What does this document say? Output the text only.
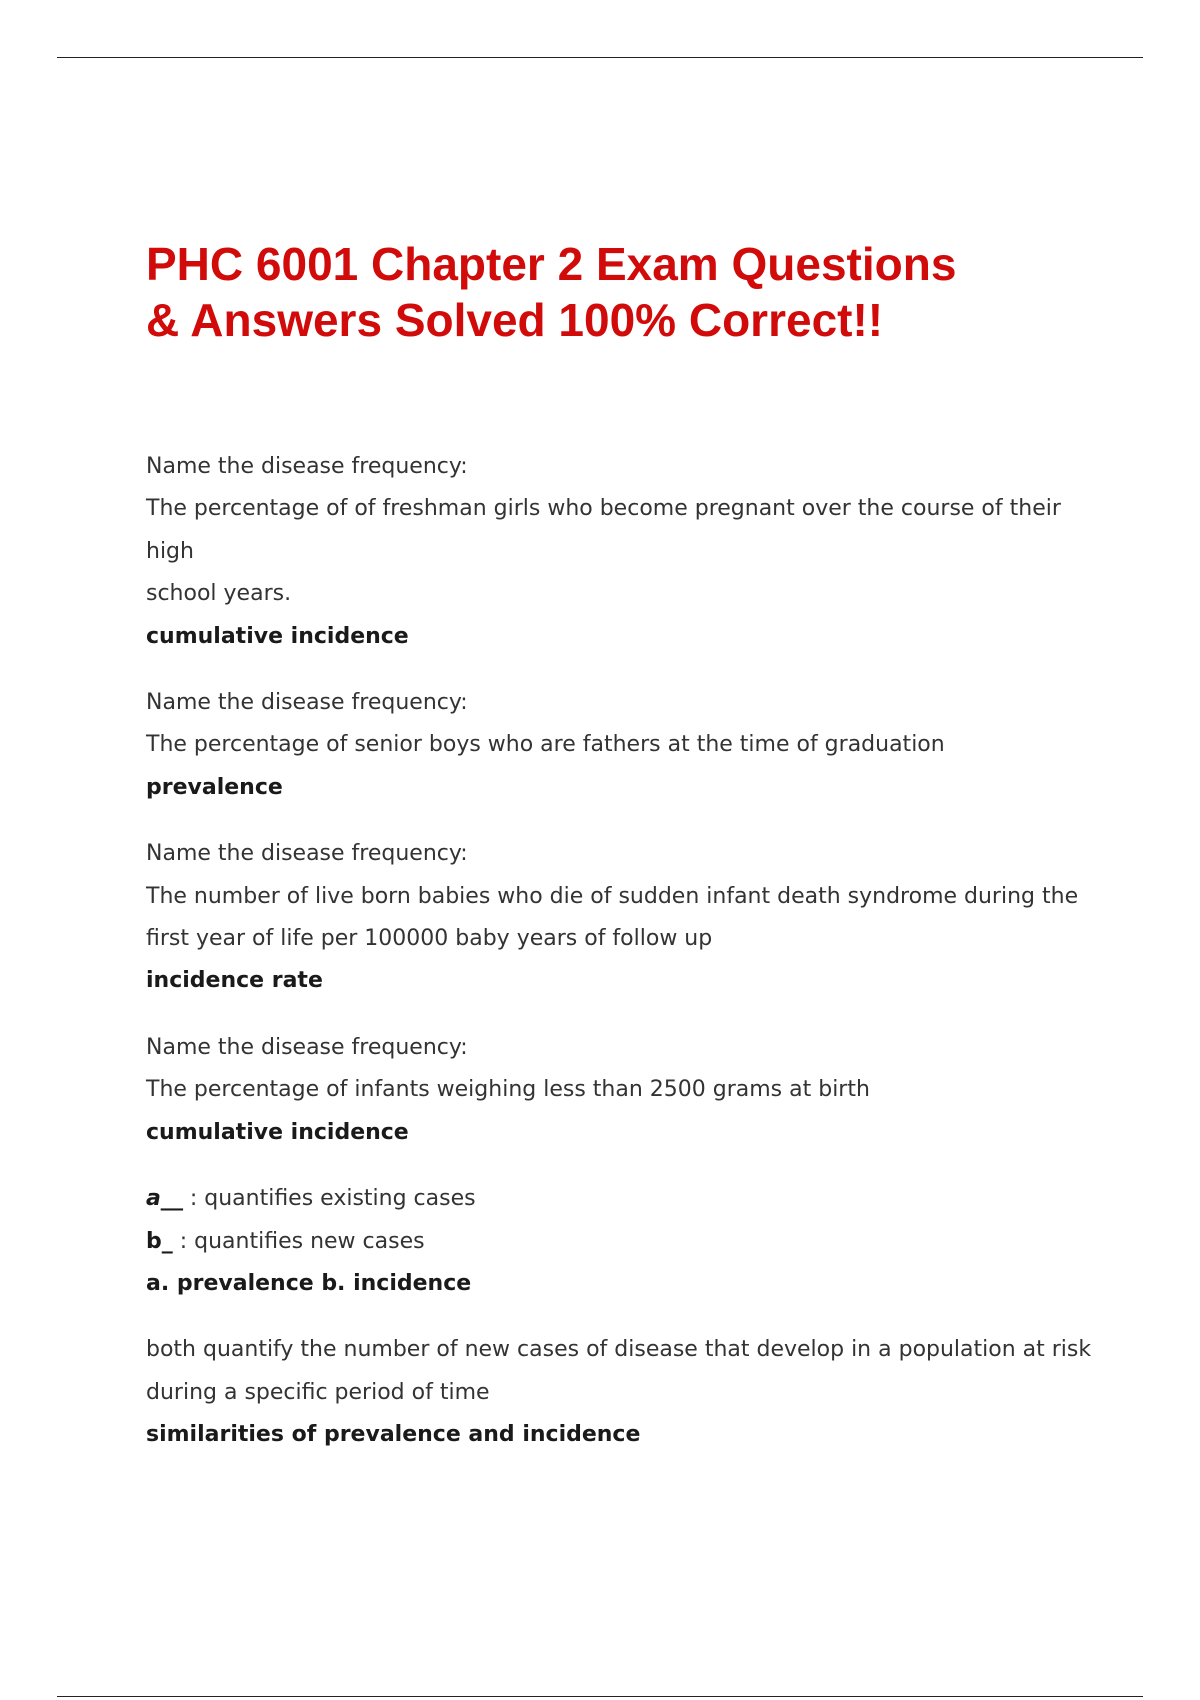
PHC 6001 Chapter 2 Exam Questions
& Answers Solved 100% Correct!!

Name the disease frequency:

The percentage of of freshman girls who become pregnant over the course of their high

school years.

cumulative incidence

Name the disease frequency:

The percentage of senior boys who are fathers at the time of graduation

prevalence

Name the disease frequency:

The number of live born babies who die of sudden infant death syndrome during the

first year of life per 100000 baby years of follow up

incidence rate

Name the disease frequency:

The percentage of infants weighing less than 2500 grams at birth

cumulative incidence

a__ : quantifies existing cases

b_ : quantifies new cases

a. prevalence b. incidence

both quantify the number of new cases of disease that develop in a population at risk

during a specific period of time

similarities of prevalence and incidence
